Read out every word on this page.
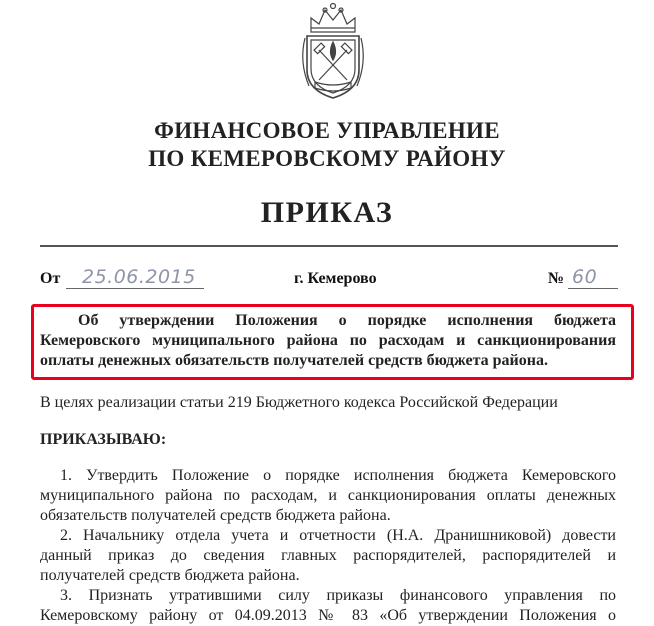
ФИНАНСОВОЕ УПРАВЛЕНИЕ
ПО КЕМЕРОВСКОМУ РАЙОНУ
ПРИКАЗ
От 25.06.2015	г. Кемерово	№ 60
Об утверждении Положения о порядке исполнения бюджета
Кемеровского муниципального района по расходам и санкционирования
оплаты денежных обязательств получателей средств бюджета района.
В целях реализации статьи 219 Бюджетного кодекса Российской Федерации
ПРИКАЗЫВАЮ:
1. Утвердить Положение о порядке исполнения бюджета Кемеровского
муниципального района по расходам, и санкционирования оплаты денежных
обязательств получателей средств бюджета района.
2. Начальнику отдела учета и отчетности (Н.А. Дранишниковой) довести
данный приказ до сведения главных распорядителей, распорядителей и
получателей средств бюджета района.
3. Признать утратившими силу приказы финансового управления по
Кемеровскому району от 04.09.2013 № 83 «Об утверждении Положения о
